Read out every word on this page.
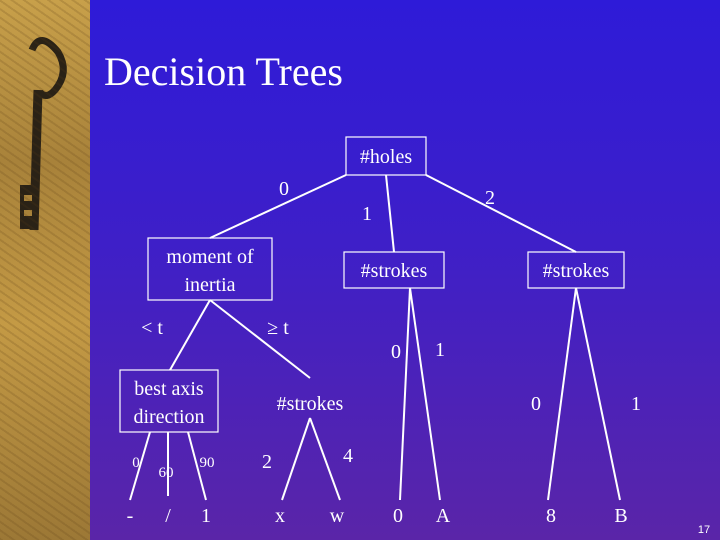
Decision Trees
#holes
moment of
inertia
best axis
direction
#strokes	#strokes
#strokes
0
1
2
< t	≥ t
0
60
90 2	4
0 1
0	1
- / 1	x w 0 A	8	B
17
